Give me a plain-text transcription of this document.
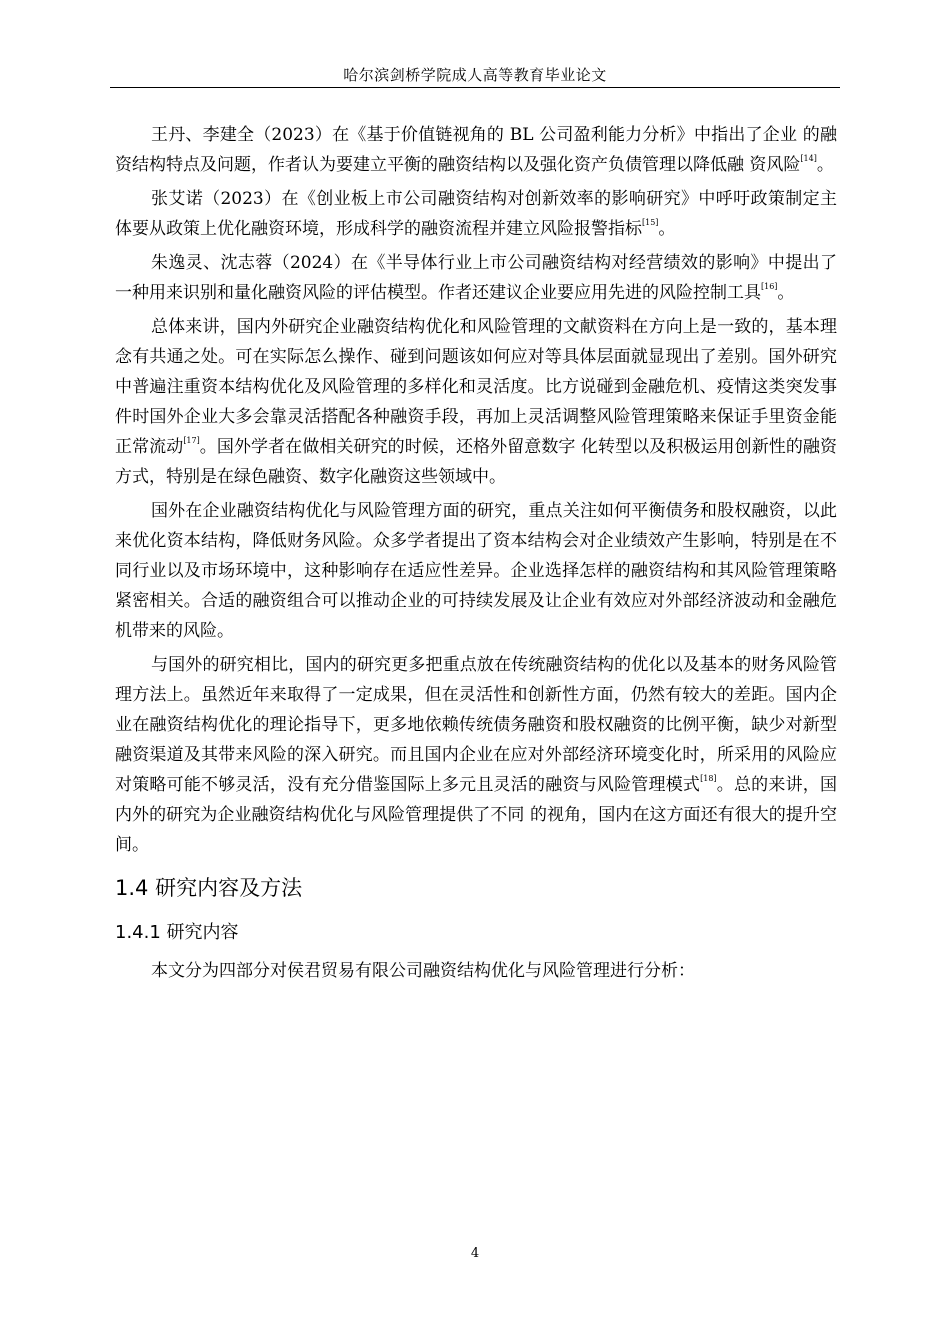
哈尔滨剑桥学院成人高等教育毕业论文

王丹、李建全（2023）在《基于价值链视角的 BL 公司盈利能力分析》中指出了企业 的融资结构特点及问题，作者认为要建立平衡的融资结构以及强化资产负债管理以降低融 资风险[14]。

张艾诺（2023）在《创业板上市公司融资结构对创新效率的影响研究》中呼吁政策制定主体要从政策上优化融资环境，形成科学的融资流程并建立风险报警指标[15]。

朱逸灵、沈志蓉（2024）在《半导体行业上市公司融资结构对经营绩效的影响》中提出了一种用来识别和量化融资风险的评估模型。作者还建议企业要应用先进的风险控制工具[16]。

总体来讲，国内外研究企业融资结构优化和风险管理的文献资料在方向上是一致的，基本理念有共通之处。可在实际怎么操作、碰到问题该如何应对等具体层面就显现出了差别。国外研究中普遍注重资本结构优化及风险管理的多样化和灵活度。比方说碰到金融危机、疫情这类突发事件时国外企业大多会靠灵活搭配各种融资手段，再加上灵活调整风险管理策略来保证手里资金能正常流动[17]。国外学者在做相关研究的时候，还格外留意数字 化转型以及积极运用创新性的融资方式，特别是在绿色融资、数字化融资这些领域中。

国外在企业融资结构优化与风险管理方面的研究，重点关注如何平衡债务和股权融资，以此来优化资本结构，降低财务风险。众多学者提出了资本结构会对企业绩效产生影响，特别是在不同行业以及市场环境中，这种影响存在适应性差异。企业选择怎样的融资结构和其风险管理策略紧密相关。合适的融资组合可以推动企业的可持续发展及让企业有效应对外部经济波动和金融危机带来的风险。

与国外的研究相比，国内的研究更多把重点放在传统融资结构的优化以及基本的财务风险管理方法上。虽然近年来取得了一定成果，但在灵活性和创新性方面，仍然有较大的差距。国内企业在融资结构优化的理论指导下，更多地依赖传统债务融资和股权融资的比例平衡，缺少对新型融资渠道及其带来风险的深入研究。而且国内企业在应对外部经济环境变化时，所采用的风险应对策略可能不够灵活，没有充分借鉴国际上多元且灵活的融资与风险管理模式[18]。总的来讲，国内外的研究为企业融资结构优化与风险管理提供了不同 的视角，国内在这方面还有很大的提升空间。

1.4 研究内容及方法
1.4.1 研究内容

本文分为四部分对侯君贸易有限公司融资结构优化与风险管理进行分析：

4
